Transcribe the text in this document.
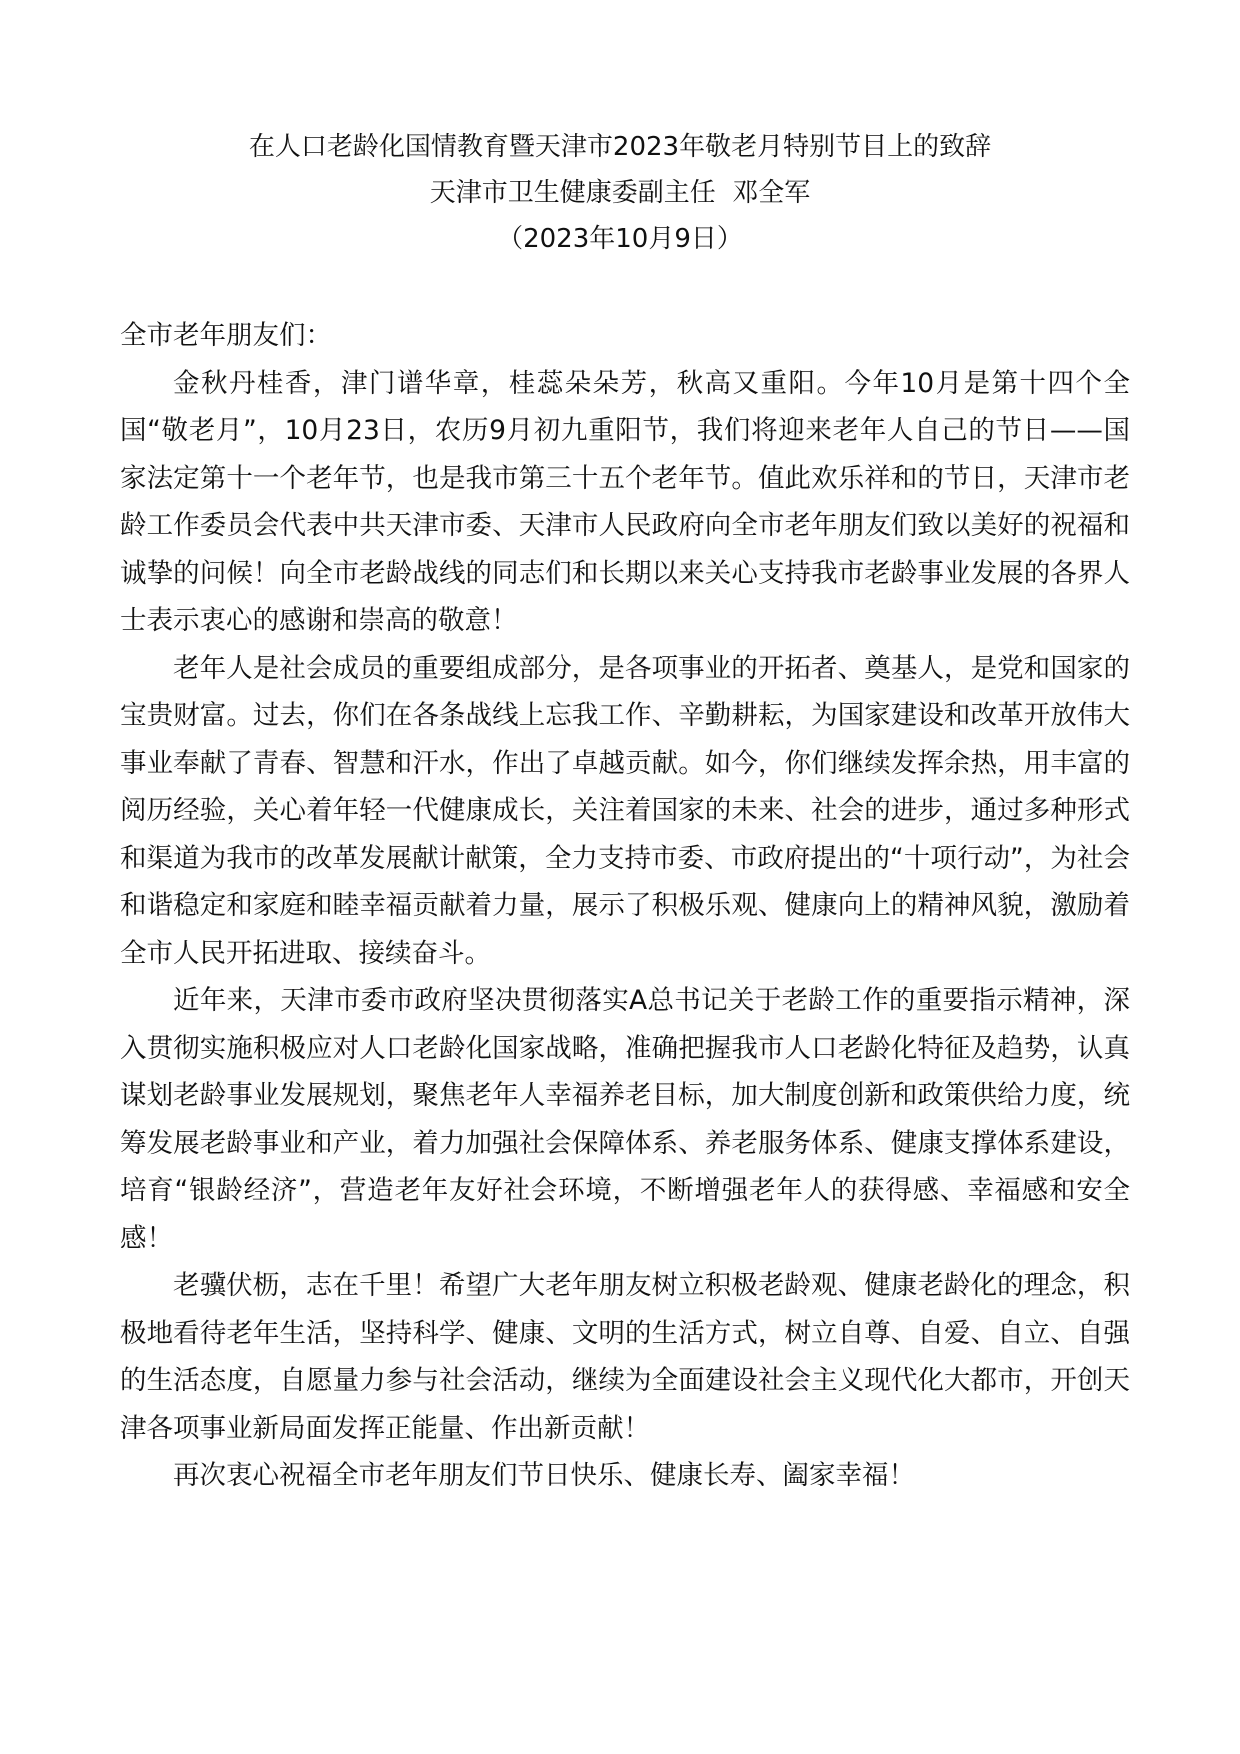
在人口老龄化国情教育暨天津市2023年敬老月特别节目上的致辞
天津市卫生健康委副主任  邓全军
（2023年10月9日）

全市老年朋友们：

金秋丹桂香，津门谱华章，桂蕊朵朵芳，秋高又重阳。今年10月是第十四个全国“敬老月”，10月23日，农历9月初九重阳节，我们将迎来老年人自己的节日——国家法定第十一个老年节，也是我市第三十五个老年节。值此欢乐祥和的节日，天津市老龄工作委员会代表中共天津市委、天津市人民政府向全市老年朋友们致以美好的祝福和诚挚的问候！向全市老龄战线的同志们和长期以来关心支持我市老龄事业发展的各界人士表示衷心的感谢和崇高的敬意！

老年人是社会成员的重要组成部分，是各项事业的开拓者、奠基人，是党和国家的宝贵财富。过去，你们在各条战线上忘我工作、辛勤耕耘，为国家建设和改革开放伟大事业奉献了青春、智慧和汗水，作出了卓越贡献。如今，你们继续发挥余热，用丰富的阅历经验，关心着年轻一代健康成长，关注着国家的未来、社会的进步，通过多种形式和渠道为我市的改革发展献计献策，全力支持市委、市政府提出的“十项行动”，为社会和谐稳定和家庭和睦幸福贡献着力量，展示了积极乐观、健康向上的精神风貌，激励着全市人民开拓进取、接续奋斗。

近年来，天津市委市政府坚决贯彻落实A总书记关于老龄工作的重要指示精神，深入贯彻实施积极应对人口老龄化国家战略，准确把握我市人口老龄化特征及趋势，认真谋划老龄事业发展规划，聚焦老年人幸福养老目标，加大制度创新和政策供给力度，统筹发展老龄事业和产业，着力加强社会保障体系、养老服务体系、健康支撑体系建设，培育“银龄经济”，营造老年友好社会环境，不断增强老年人的获得感、幸福感和安全感！

老骥伏枥，志在千里！希望广大老年朋友树立积极老龄观、健康老龄化的理念，积极地看待老年生活，坚持科学、健康、文明的生活方式，树立自尊、自爱、自立、自强的生活态度，自愿量力参与社会活动，继续为全面建设社会主义现代化大都市，开创天津各项事业新局面发挥正能量、作出新贡献！

再次衷心祝福全市老年朋友们节日快乐、健康长寿、阖家幸福！
